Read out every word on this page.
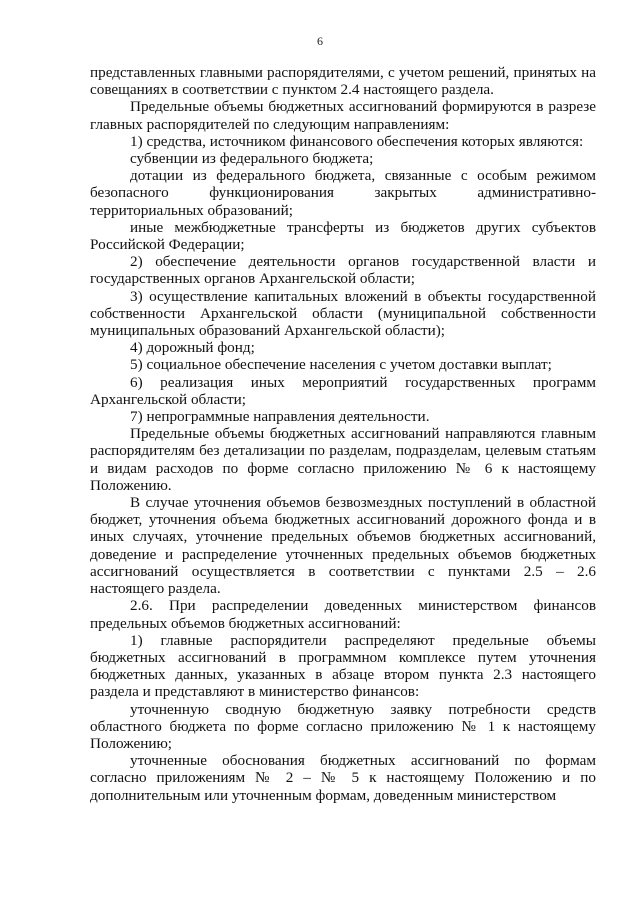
6

представленных главными распорядителями, с учетом решений, принятых на совещаниях в соответствии с пунктом 2.4 настоящего раздела.

Предельные объемы бюджетных ассигнований формируются в разрезе главных распорядителей по следующим направлениям:

1) средства, источником финансового обеспечения которых являются:

субвенции из федерального бюджета;

дотации из федерального бюджета, связанные с особым режимом безопасного функционирования закрытых административно-территориальных образований;

иные межбюджетные трансферты из бюджетов других субъектов Российской Федерации;

2) обеспечение деятельности органов государственной власти и государственных органов Архангельской области;

3) осуществление капитальных вложений в объекты государственной собственности Архангельской области (муниципальной собственности муниципальных образований Архангельской области);

4) дорожный фонд;

5) социальное обеспечение населения с учетом доставки выплат;

6) реализация иных мероприятий государственных программ Архангельской области;

7) непрограммные направления деятельности.

Предельные объемы бюджетных ассигнований направляются главным распорядителям без детализации по разделам, подразделам, целевым статьям и видам расходов по форме согласно приложению № 6 к настоящему Положению.

В случае уточнения объемов безвозмездных поступлений в областной бюджет, уточнения объема бюджетных ассигнований дорожного фонда и в иных случаях, уточнение предельных объемов бюджетных ассигнований, доведение и распределение уточненных предельных объемов бюджетных ассигнований осуществляется в соответствии с пунктами 2.5 – 2.6 настоящего раздела.

2.6. При распределении доведенных министерством финансов предельных объемов бюджетных ассигнований:

1) главные распорядители распределяют предельные объемы бюджетных ассигнований в программном комплексе путем уточнения бюджетных данных, указанных в абзаце втором пункта 2.3 настоящего раздела и представляют в министерство финансов:

уточненную сводную бюджетную заявку потребности средств областного бюджета по форме согласно приложению № 1 к настоящему Положению;

уточненные обоснования бюджетных ассигнований по формам согласно приложениям № 2 – № 5 к настоящему Положению и по дополнительным или уточненным формам, доведенным министерством
